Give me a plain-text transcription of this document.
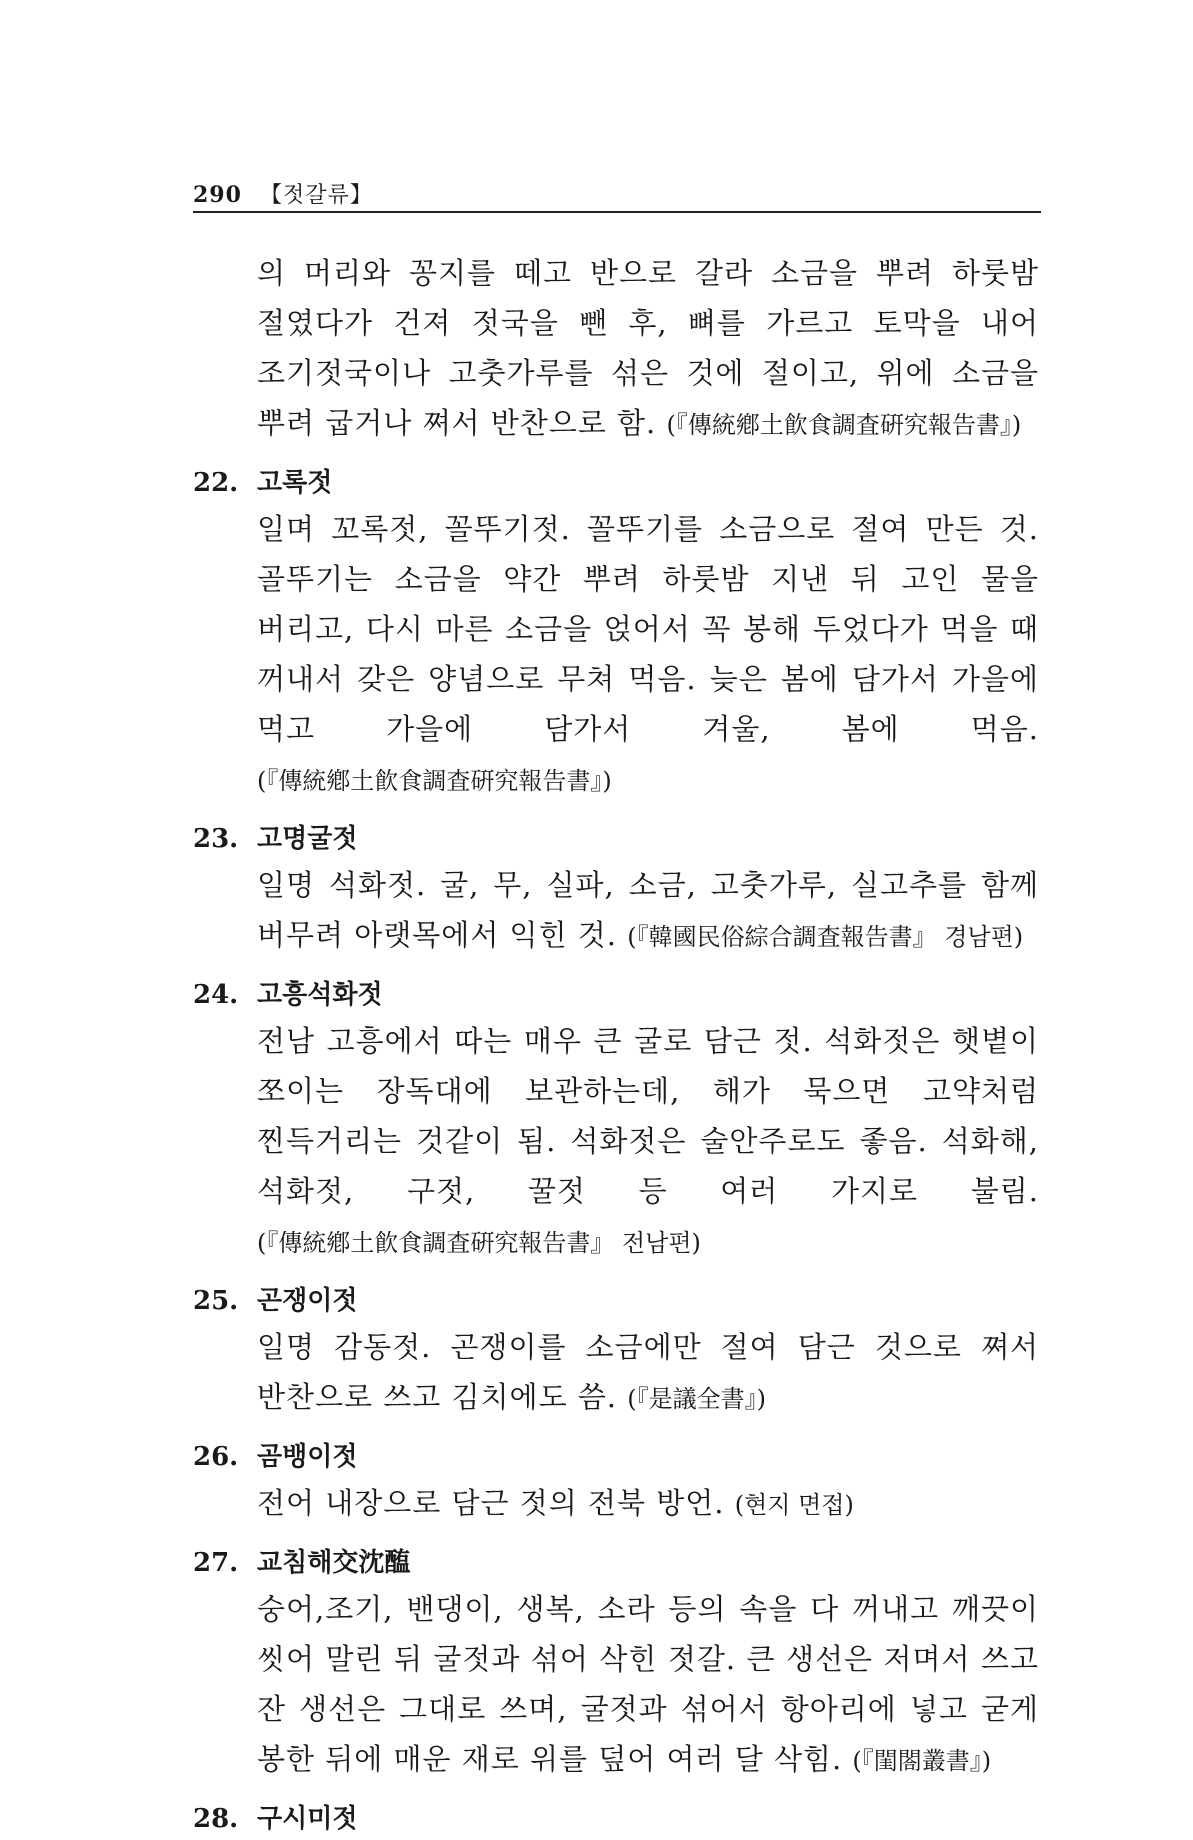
290 【젓갈류】
의 머리와 꽁지를 떼고 반으로 갈라 소금을 뿌려 하룻밤 절였다가 건져 젓국을 뺀 후, 뼈를 가르고 토막을 내어 조기젓국이나 고춧가루를 섞은 것에 절이고, 위에 소금을 뿌려 굽거나 쪄서 반찬으로 함. (『傳統鄕土飮食調査硏究報告書』)
22. 고록젓
일며 꼬록젓, 꼴뚜기젓. 꼴뚜기를 소금으로 절여 만든 것. 골뚜기는 소금을 약간 뿌려 하룻밤 지낸 뒤 고인 물을 버리고, 다시 마른 소금을 얹어서 꼭 봉해 두었다가 먹을 때 꺼내서 갖은 양념으로 무쳐 먹음. 늦은 봄에 담가서 가을에 먹고 가을에 담가서 겨울, 봄에 먹음. (『傳統鄕土飮食調査硏究報告書』)
23. 고명굴젓
일명 석화젓. 굴, 무, 실파, 소금, 고춧가루, 실고추를 함께 버무려 아랫목에서 익힌 것. (『韓國民俗綜合調査報告書』 경남편)
24. 고흥석화젓
전남 고흥에서 따는 매우 큰 굴로 담근 젓. 석화젓은 햇볕이 쪼이는 장독대에 보관하는데, 해가 묵으면 고약처럼 찐득거리는 것같이 됨. 석화젓은 술안주로도 좋음. 석화해, 석화젓, 구젓, 꿀젓 등 여러 가지로 불림. (『傳統鄕土飮食調査硏究報告書』 전남편)
25. 곤쟁이젓
일명 감동젓. 곤쟁이를 소금에만 절여 담근 것으로 쪄서 반찬으로 쓰고 김치에도 씀. (『是議全書』)
26. 곰뱅이젓
전어 내장으로 담근 젓의 전북 방언. (현지 면접)
27. 교침해交沈醢
숭어,조기, 밴댕이, 생복, 소라 등의 속을 다 꺼내고 깨끗이 씻어 말린 뒤 굴젓과 섞어 삭힌 젓갈. 큰 생선은 저며서 쓰고 잔 생선은 그대로 쓰며, 굴젓과 섞어서 항아리에 넣고 굳게 봉한 뒤에 매운 재로 위를 덮어 여러 달 삭힘. (『閨閤叢書』)
28. 구시미젓
